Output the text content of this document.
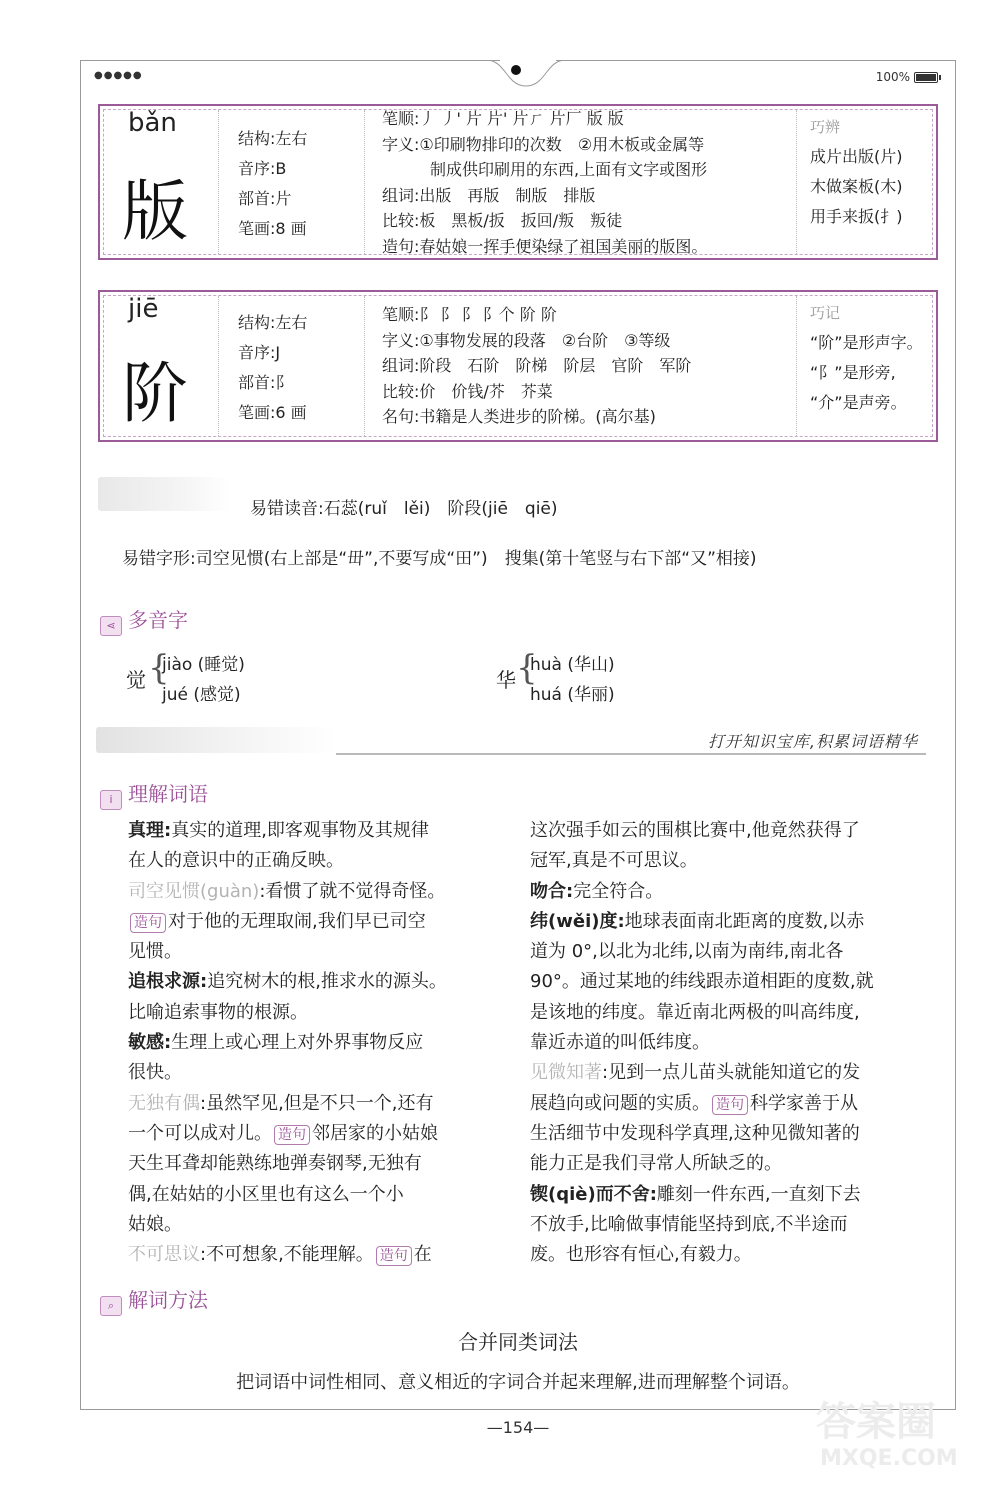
●●●●●	100%
bǎn
版
结构:左右
音序:B
部首:片
笔画:8 画
笔顺:丿 丿' 片 片' 片ㄏ 片厂 版 版
字义:①印刷物排印的次数　②用木板或金属等
　　　制成供印刷用的东西,上面有文字或图形
组词:出版　再版　制版　排版
比较:板　黑板/扳　扳回/叛　叛徒
造句:春姑娘一挥手便染绿了祖国美丽的版图。
巧辨
成片出版(片)
木做案板(木)
用手来扳(扌)
jiē
阶
结构:左右
音序:J
部首:阝
笔画:6 画
笔顺:阝 阝 阝 阝个 阶 阶
字义:①事物发展的段落　②台阶　③等级
组词:阶段　石阶　阶梯　阶层　官阶　军阶
比较:价　价钱/芥　芥菜
名句:书籍是人类进步的阶梯。(高尔基)
巧记
“阶”是形声字。
“阝”是形旁,
“介”是声旁。
易错读音:石蕊(ruǐ　lěi)　阶段(jiē　qiē)
易错字形:司空见惯(右上部是“毌”,不要写成“田”)　搜集(第十笔竖与右下部“又”相接)
⋖ 多音字
觉 {
jiào (睡觉)
jué (感觉)
华 {
huà (华山)
huá (华丽)
打开知识宝库,积累词语精华
i 理解词语

真理:真实的道理,即客观事物及其规律

在人的意识中的正确反映。

司空见惯(guàn):看惯了就不觉得奇怪。

造句 对于他的无理取闹,我们早已司空

见惯。

追根求源:追究树木的根,推求水的源头。

比喻追索事物的根源。

敏感:生理上或心理上对外界事物反应

很快。

无独有偶:虽然罕见,但是不只一个,还有

一个可以成对儿。 造句 邻居家的小姑娘

天生耳聋却能熟练地弹奏钢琴,无独有

偶,在姑姑的小区里也有这么一个小

姑娘。

不可思议:不可想象,不能理解。 造句 在

这次强手如云的围棋比赛中,他竟然获得了

冠军,真是不可思议。

吻合:完全符合。

纬(wěi)度:地球表面南北距离的度数,以赤

道为 0°,以北为北纬,以南为南纬,南北各

90°。通过某地的纬线跟赤道相距的度数,就

是该地的纬度。靠近南北两极的叫高纬度,

靠近赤道的叫低纬度。

见微知著:见到一点儿苗头就能知道它的发

展趋向或问题的实质。 造句 科学家善于从

生活细节中发现科学真理,这种见微知著的

能力正是我们寻常人所缺乏的。

锲(qiè)而不舍:雕刻一件东西,一直刻下去

不放手,比喻做事情能坚持到底,不半途而

废。也形容有恒心,有毅力。

⌕ 解词方法
合并同类词法
把词语中词性相同、意义相近的字词合并起来理解,进而理解整个词语。
—154—	答案圈
MXQE.COM
